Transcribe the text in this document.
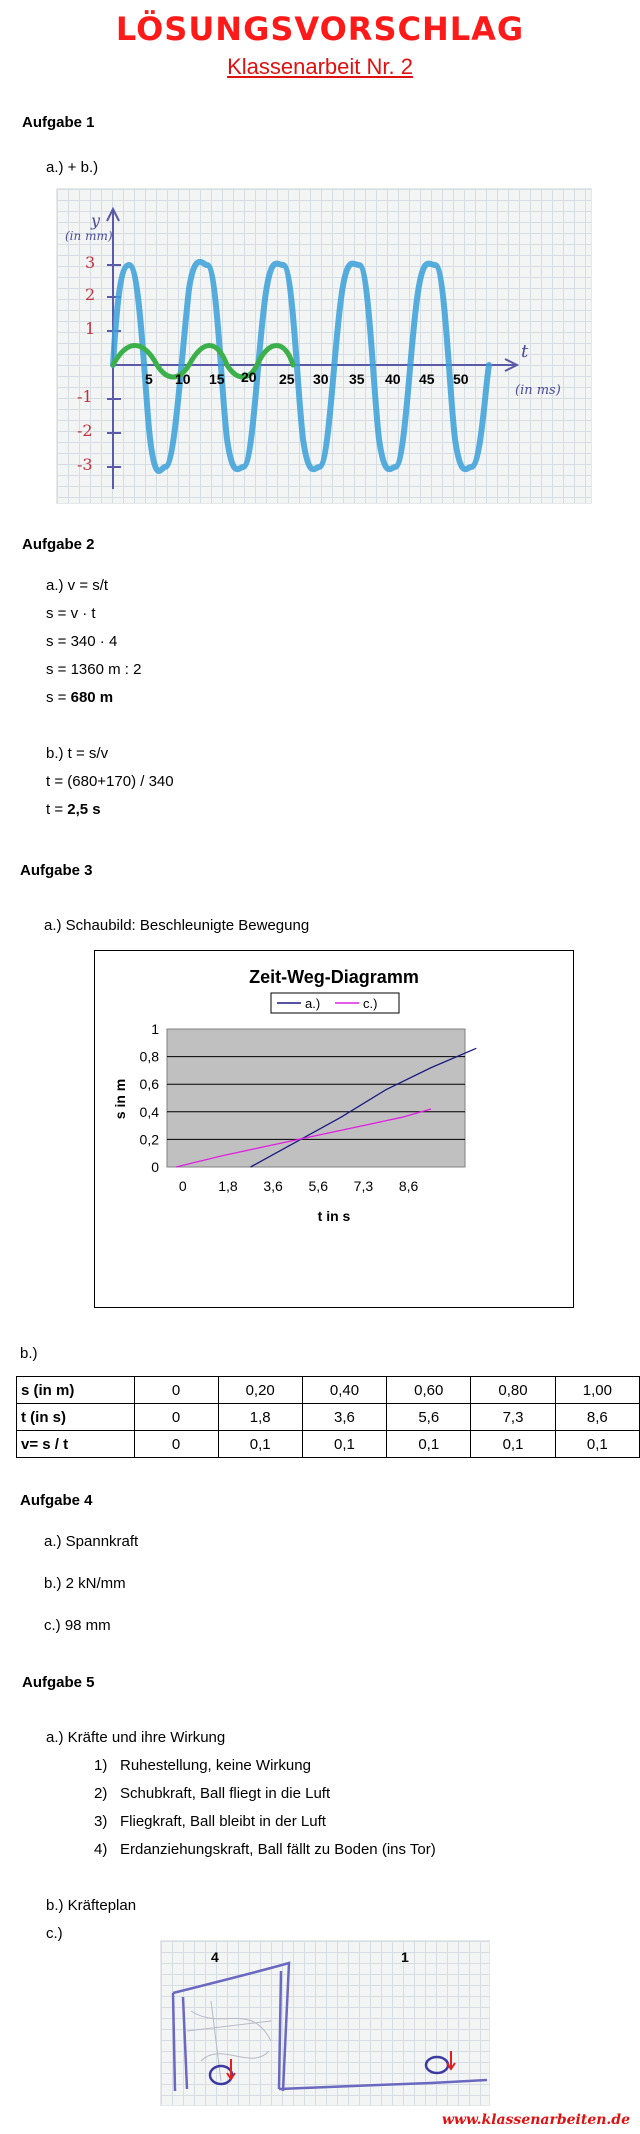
LÖSUNGSVORSCHLAG
Klassenarbeit Nr. 2
Aufgabe 1
a.) + b.)
y
(in mm)
t
(in ms)
3
2
1
-1
-2
-3
5 10 15 20 25 30 35 40 45 50
Aufgabe 2
a.) v = s/t
s = v · t
s = 340 · 4
s = 1360 m : 2
s = 680 m
b.) t = s/v
t = (680+170) / 340
t = 2,5 s
Aufgabe 3
a.) Schaubild: Beschleunigte Bewegung
Zeit-Weg-Diagramm
a.)	c.)
0
0,2
0,4
0,6
0,8
1
0 1,8 3,6 5,6 7,3 8,6
t in s
s in m
b.)
s (in m)	0	0,20	0,40	0,60	0,80	1,00
t (in s)	0	1,8	3,6	5,6	7,3	8,6
v= s / t	0	0,1	0,1	0,1	0,1	0,1
Aufgabe 4
a.) Spannkraft
b.) 2 kN/mm
c.) 98 mm
Aufgabe 5
a.) Kräfte und ihre Wirkung
1) Ruhestellung, keine Wirkung
2) Schubkraft, Ball fliegt in die Luft
3) Fliegkraft, Ball bleibt in der Luft
4) Erdanziehungskraft, Ball fällt zu Boden (ins Tor)
b.) Kräfteplan
c.)
4	1
www.klassenarbeiten.de
